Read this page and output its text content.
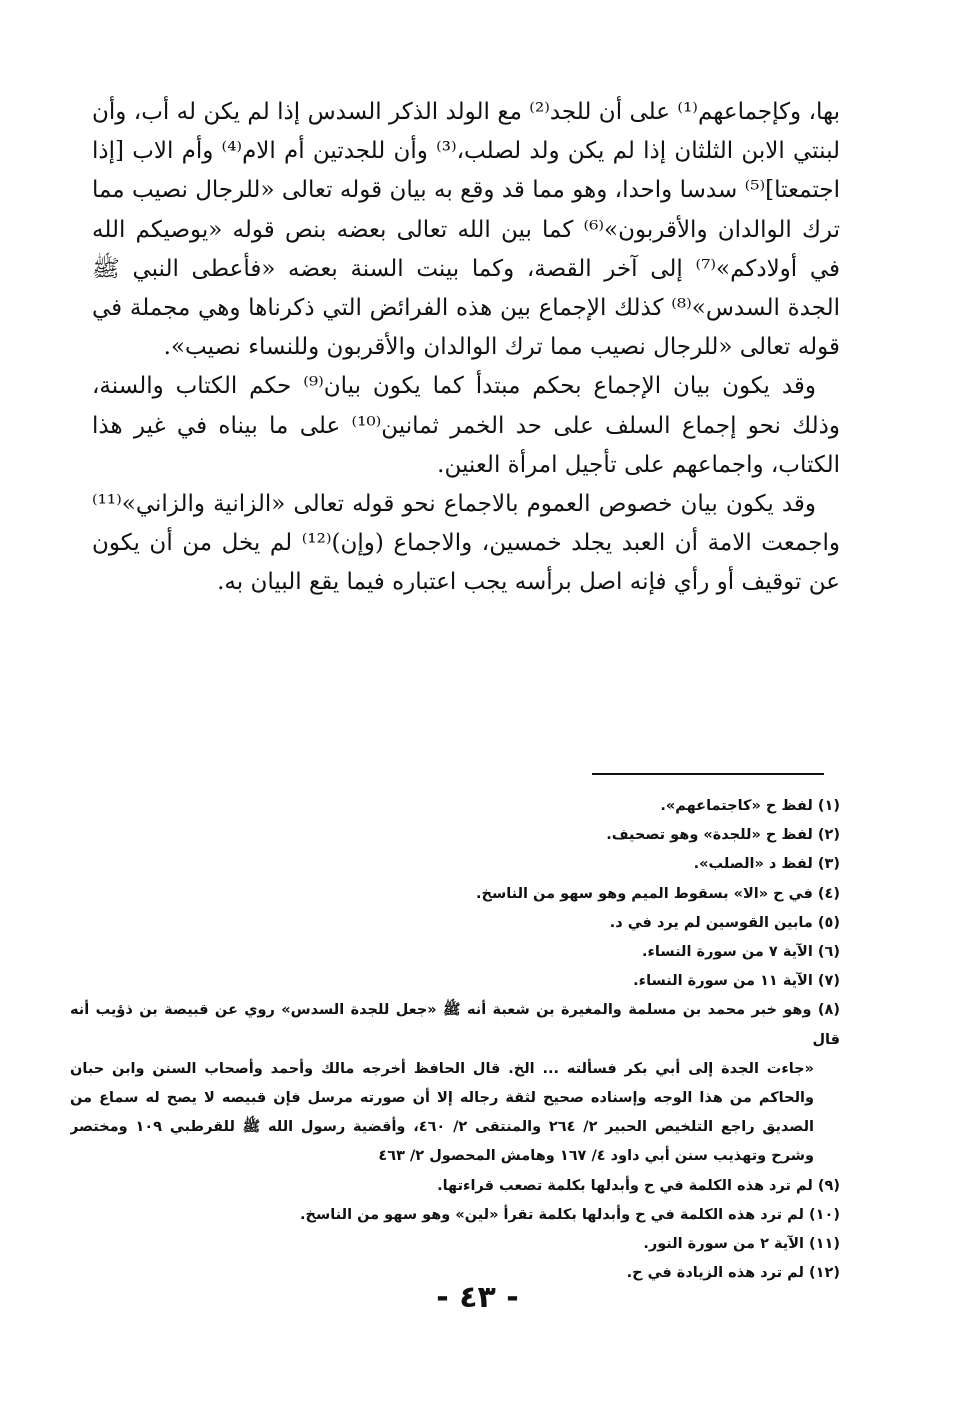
بها، وكإجماعهم⁽¹⁾ على أن للجد⁽²⁾ مع الولد الذكر السدس إذا لم يكن له أب، وأن لبنتي الابن الثلثان إذا لم يكن ولد لصلب،⁽³⁾ وأن للجدتين أم الام⁽⁴⁾ وأم الاب [إذا اجتمعتا]⁽⁵⁾ سدسا واحدا، وهو مما قد وقع به بيان قوله تعالى «للرجال نصيب مما ترك الوالدان والأقربون»⁽⁶⁾ كما بين الله تعالى بعضه بنص قوله «يوصيكم الله في أولادكم»⁽⁷⁾ إلى آخر القصة، وكما بينت السنة بعضه «فأعطى النبي ﷺ الجدة السدس»⁽⁸⁾ كذلك الإجماع بين هذه الفرائض التي ذكرناها وهي مجملة في قوله تعالى «للرجال نصيب مما ترك الوالدان والأقربون وللنساء نصيب».

وقد يكون بيان الإجماع بحكم مبتدأ كما يكون بيان⁽⁹⁾ حكم الكتاب والسنة، وذلك نحو إجماع السلف على حد الخمر ثمانين⁽¹⁰⁾ على ما بيناه في غير هذا الكتاب، واجماعهم على تأجيل امرأة العنين.

وقد يكون بيان خصوص العموم بالاجماع نحو قوله تعالى «الزانية والزاني»⁽¹¹⁾ واجمعت الامة أن العبد يجلد خمسين، والاجماع (وإن)⁽¹²⁾ لم يخل من أن يكون عن توقيف أو رأي فإنه اصل برأسه يجب اعتباره فيما يقع البيان به.

(١) لفظ ح «كاجتماعهم».

(٢) لفظ ح «للجدة» وهو تصحيف.

(٣) لفظ د «الصلب».

(٤) في ح «الا» بسقوط الميم وهو سهو من الناسخ.

(٥) مابين القوسين لم يرد في د.

(٦) الآية ٧ من سورة النساء.

(٧) الآية ١١ من سورة النساء.

(٨) وهو خبر محمد بن مسلمة والمغيرة بن شعبة أنه ﷺ «جعل للجدة السدس» روي عن قبيصة بن ذؤيب أنه قال
«جاءت الجدة إلى أبي بكر فسألته ... الخ. قال الحافظ أخرجه مالك وأحمد وأصحاب السنن وابن حبان والحاكم من هذا الوجه وإسناده صحيح لثقة رجاله إلا أن صورته مرسل فإن قبيصه لا يصح له سماع من الصديق راجع التلخيص الحبير ٢/ ٢٦٤ والمنتقى ٢/ ٤٦٠، وأقضية رسول الله ﷺ للقرطبي ١٠٩ ومختصر وشرح وتهذيب سنن أبي داود ٤/ ١٦٧ وهامش المحصول ٢/ ٤٦٣

(٩) لم ترد هذه الكلمة في ح وأبدلها بكلمة تصعب قراءتها.

(١٠) لم ترد هذه الكلمة في ح وأبدلها بكلمة تقرأ «لين» وهو سهو من الناسخ.

(١١) الآية ٢ من سورة النور.

(١٢) لم ترد هذه الزيادة في ح.

- ٤٣ -
